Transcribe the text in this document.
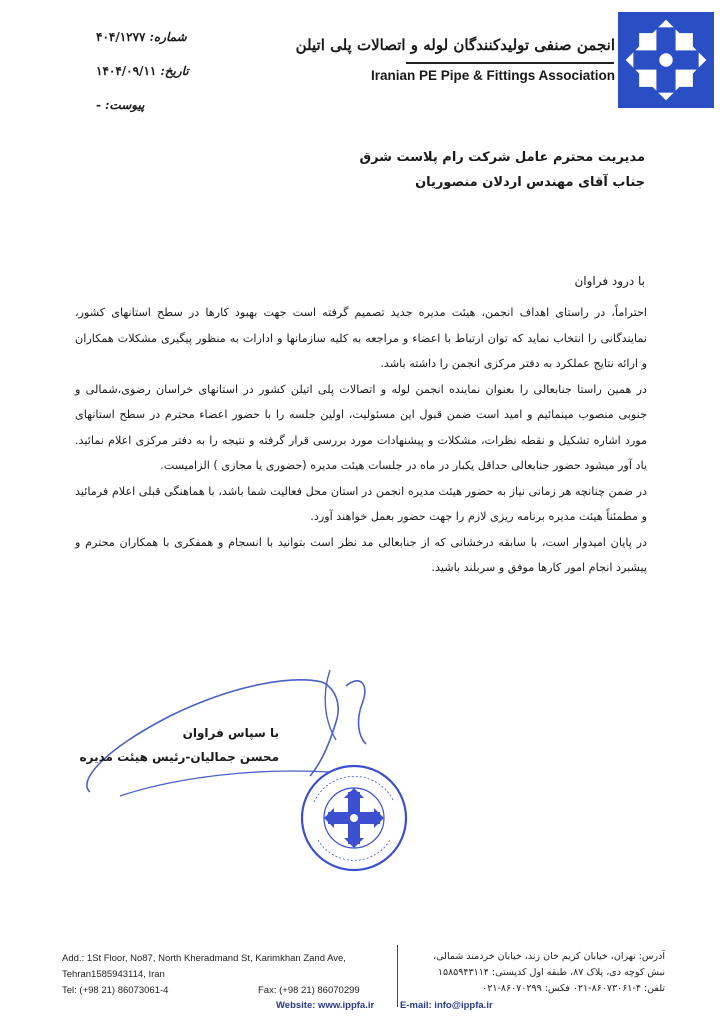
انجمن صنفی تولیدکنندگان لوله و اتصالات پلی اتیلن
Iranian PE Pipe & Fittings Association
شماره:۴۰۴/۱۲۷۷
تاریخ:۱۴۰۴/۰۹/۱۱
پیوست:-
مدیریت محترم عامل شرکت رام پلاست شرق
جناب آقای مهندس اردلان منصوریان
با درود فراوان

احتراماً، در راستای اهداف انجمن، هیئت مدیره جدید تصمیم گرفته است جهت بهبود کارها در سطح استانهای کشور، نمایندگانی را انتخاب نماید که توان ارتباط با اعضاء و مراجعه به کلیه سازمانها و ادارات به منظور پیگیری مشکلات همکاران و ارائه نتایج عملکرد به دفتر مرکزی انجمن را داشته باشد.

در همین راستا جنابعالی را بعنوان نماینده انجمن لوله و اتصالات پلی اتیلن کشور در استانهای خراسان رضوی،شمالی و جنوبی منصوب مینمائیم و امید است ضمن قبول این مسئولیت، اولین جلسه را با حضور اعضاء محترم در سطح استانهای مورد اشاره تشکیل و نقطه نظرات، مشکلات و پیشنهادات مورد بررسی قرار گرفته و نتیجه را به دفتر مرکزی اعلام نمائید. یاد آور میشود حضور جنابعالی حداقل یکبار در ماه در جلسات هیئت مدیره (حضوری یا مجازی ) الزامیست.

در ضمن چنانچه هر زمانی نیاز به حضور هیئت مدیره انجمن در استان محل فعالیت شما باشد، با هماهنگی قبلی اعلام فرمائید و مطمئناً هیئت مدیره برنامه ریزی لازم را جهت حضور بعمل خواهند آورد.

در پایان امیدوار است، با سابقه درخشانی که از جنابعالی مد نظر است بتوانید با انسجام و همفکری با همکاران محترم و پیشبرد انجام امور کارها موفق و سربلند باشید.

با سپاس فراوان
محسن جمالیان-رئیس هیئت مدیره
Add.: 1St Floor, No87, North Kheradmand St, Karimkhan Zand Ave,
Tehran1585943114, Iran
Tel: (+98 21) 86073061-4	Fax: (+98 21) 86070299
Website: www.ippfa.ir
آدرس: تهران، خیابان کریم خان زند، خیابان خردمند شمالی،
نبش کوچه دی، پلاک ۸۷، طبقه اول کدپستی: ۱۵۸۵۹۴۳۱۱۴
تلفن: ۴-۸۶۰۷۳۰۶۱-۰۲۱ فکس: ۸۶۰۷۰۲۹۹-۰۲۱
E-mail: info@ippfa.ir
